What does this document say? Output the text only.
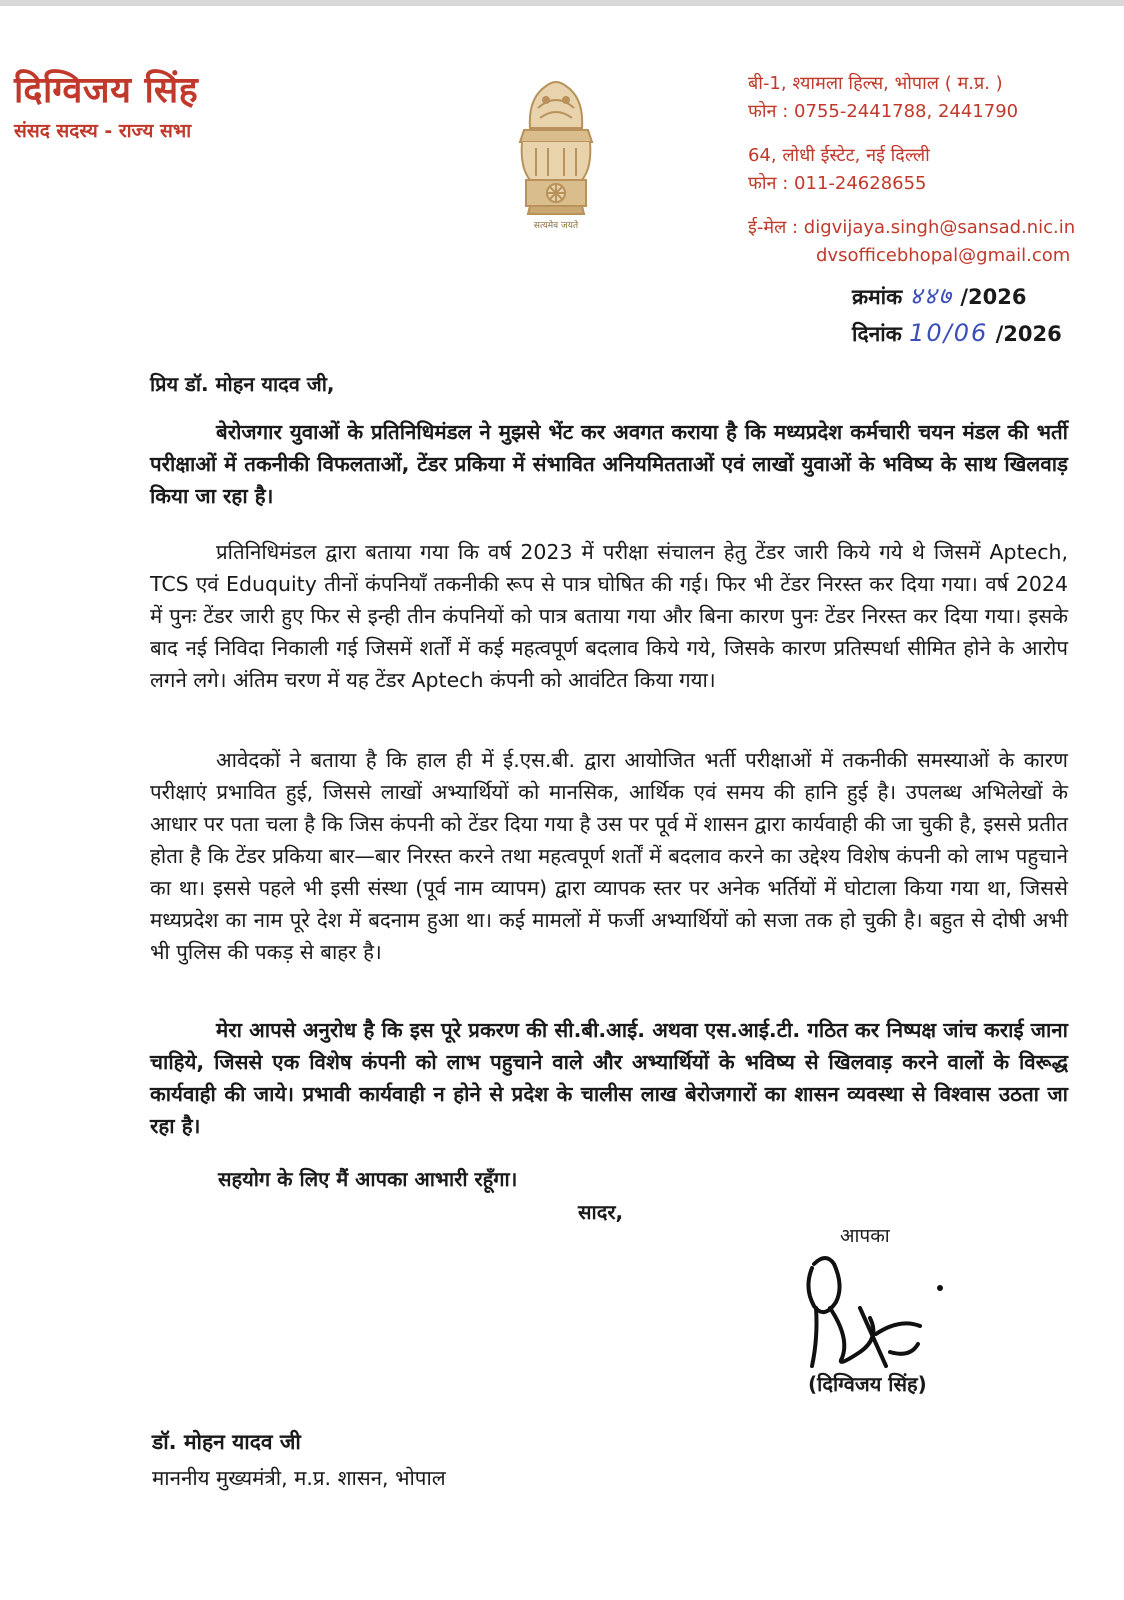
दिग्विजय सिंह
संसद सदस्य - राज्य सभा
सत्यमेव जयते
बी-1, श्यामला हिल्स, भोपाल ( म.प्र. )
फोन : 0755-2441788, 2441790
64, लोधी ईस्टेट, नई दिल्ली
फोन : 011-24628655
ई-मेल : digvijaya.singh@sansad.nic.in
dvsofficebhopal@gmail.com
क्रमांक ४४७ /2026
दिनांक 10/06 /2026
प्रिय डॉ. मोहन यादव जी,
बेरोजगार युवाओं के प्रतिनिधिमंडल ने मुझसे भेंट कर अवगत कराया है कि मध्यप्रदेश कर्मचारी चयन मंडल की भर्ती परीक्षाओं में तकनीकी विफलताओं, टेंडर प्रकिया में संभावित अनियमितताओं एवं लाखों युवाओं के भविष्य के साथ खिलवाड़ किया जा रहा है।
प्रतिनिधिमंडल द्वारा बताया गया कि वर्ष 2023 में परीक्षा संचालन हेतु टेंडर जारी किये गये थे जिसमें Aptech, TCS एवं Eduquity तीनों कंपनियाँ तकनीकी रूप से पात्र घोषित की गई। फिर भी टेंडर निरस्त कर दिया गया। वर्ष 2024 में पुनः टेंडर जारी हुए फिर से इन्ही तीन कंपनियों को पात्र बताया गया और बिना कारण पुनः टेंडर निरस्त कर दिया गया। इसके बाद नई निविदा निकाली गई जिसमें शर्तों में कई महत्वपूर्ण बदलाव किये गये, जिसके कारण प्रतिस्पर्धा सीमित होने के आरोप लगने लगे। अंतिम चरण में यह टेंडर Aptech कंपनी को आवंटित किया गया।
आवेदकों ने बताया है कि हाल ही में ई.एस.बी. द्वारा आयोजित भर्ती परीक्षाओं में तकनीकी समस्याओं के कारण परीक्षाएं प्रभावित हुई, जिससे लाखों अभ्यार्थियों को मानसिक, आर्थिक एवं समय की हानि हुई है। उपलब्ध अभिलेखों के आधार पर पता चला है कि जिस कंपनी को टेंडर दिया गया है उस पर पूर्व में शासन द्वारा कार्यवाही की जा चुकी है, इससे प्रतीत होता है कि टेंडर प्रकिया बार—बार निरस्त करने तथा महत्वपूर्ण शर्तों में बदलाव करने का उद्देश्य विशेष कंपनी को लाभ पहुचाने का था। इससे पहले भी इसी संस्था (पूर्व नाम व्यापम) द्वारा व्यापक स्तर पर अनेक भर्तियों में घोटाला किया गया था, जिससे मध्यप्रदेश का नाम पूरे देश में बदनाम हुआ था। कई मामलों में फर्जी अभ्यार्थियों को सजा तक हो चुकी है। बहुत से दोषी अभी भी पुलिस की पकड़ से बाहर है।
मेरा आपसे अनुरोध है कि इस पूरे प्रकरण की सी.बी.आई. अथवा एस.आई.टी. गठित कर निष्पक्ष जांच कराई जाना चाहिये, जिससे एक विशेष कंपनी को लाभ पहुचाने वाले और अभ्यार्थियों के भविष्य से खिलवाड़ करने वालों के विरूद्ध कार्यवाही की जाये। प्रभावी कार्यवाही न होने से प्रदेश के चालीस लाख बेरोजगारों का शासन व्यवस्था से विश्वास उठता जा रहा है।
सहयोग के लिए मैं आपका आभारी रहूँगा।
सादर,
आपका
(दिग्विजय सिंह)
डॉ. मोहन यादव जी
माननीय मुख्यमंत्री, म.प्र. शासन, भोपाल
